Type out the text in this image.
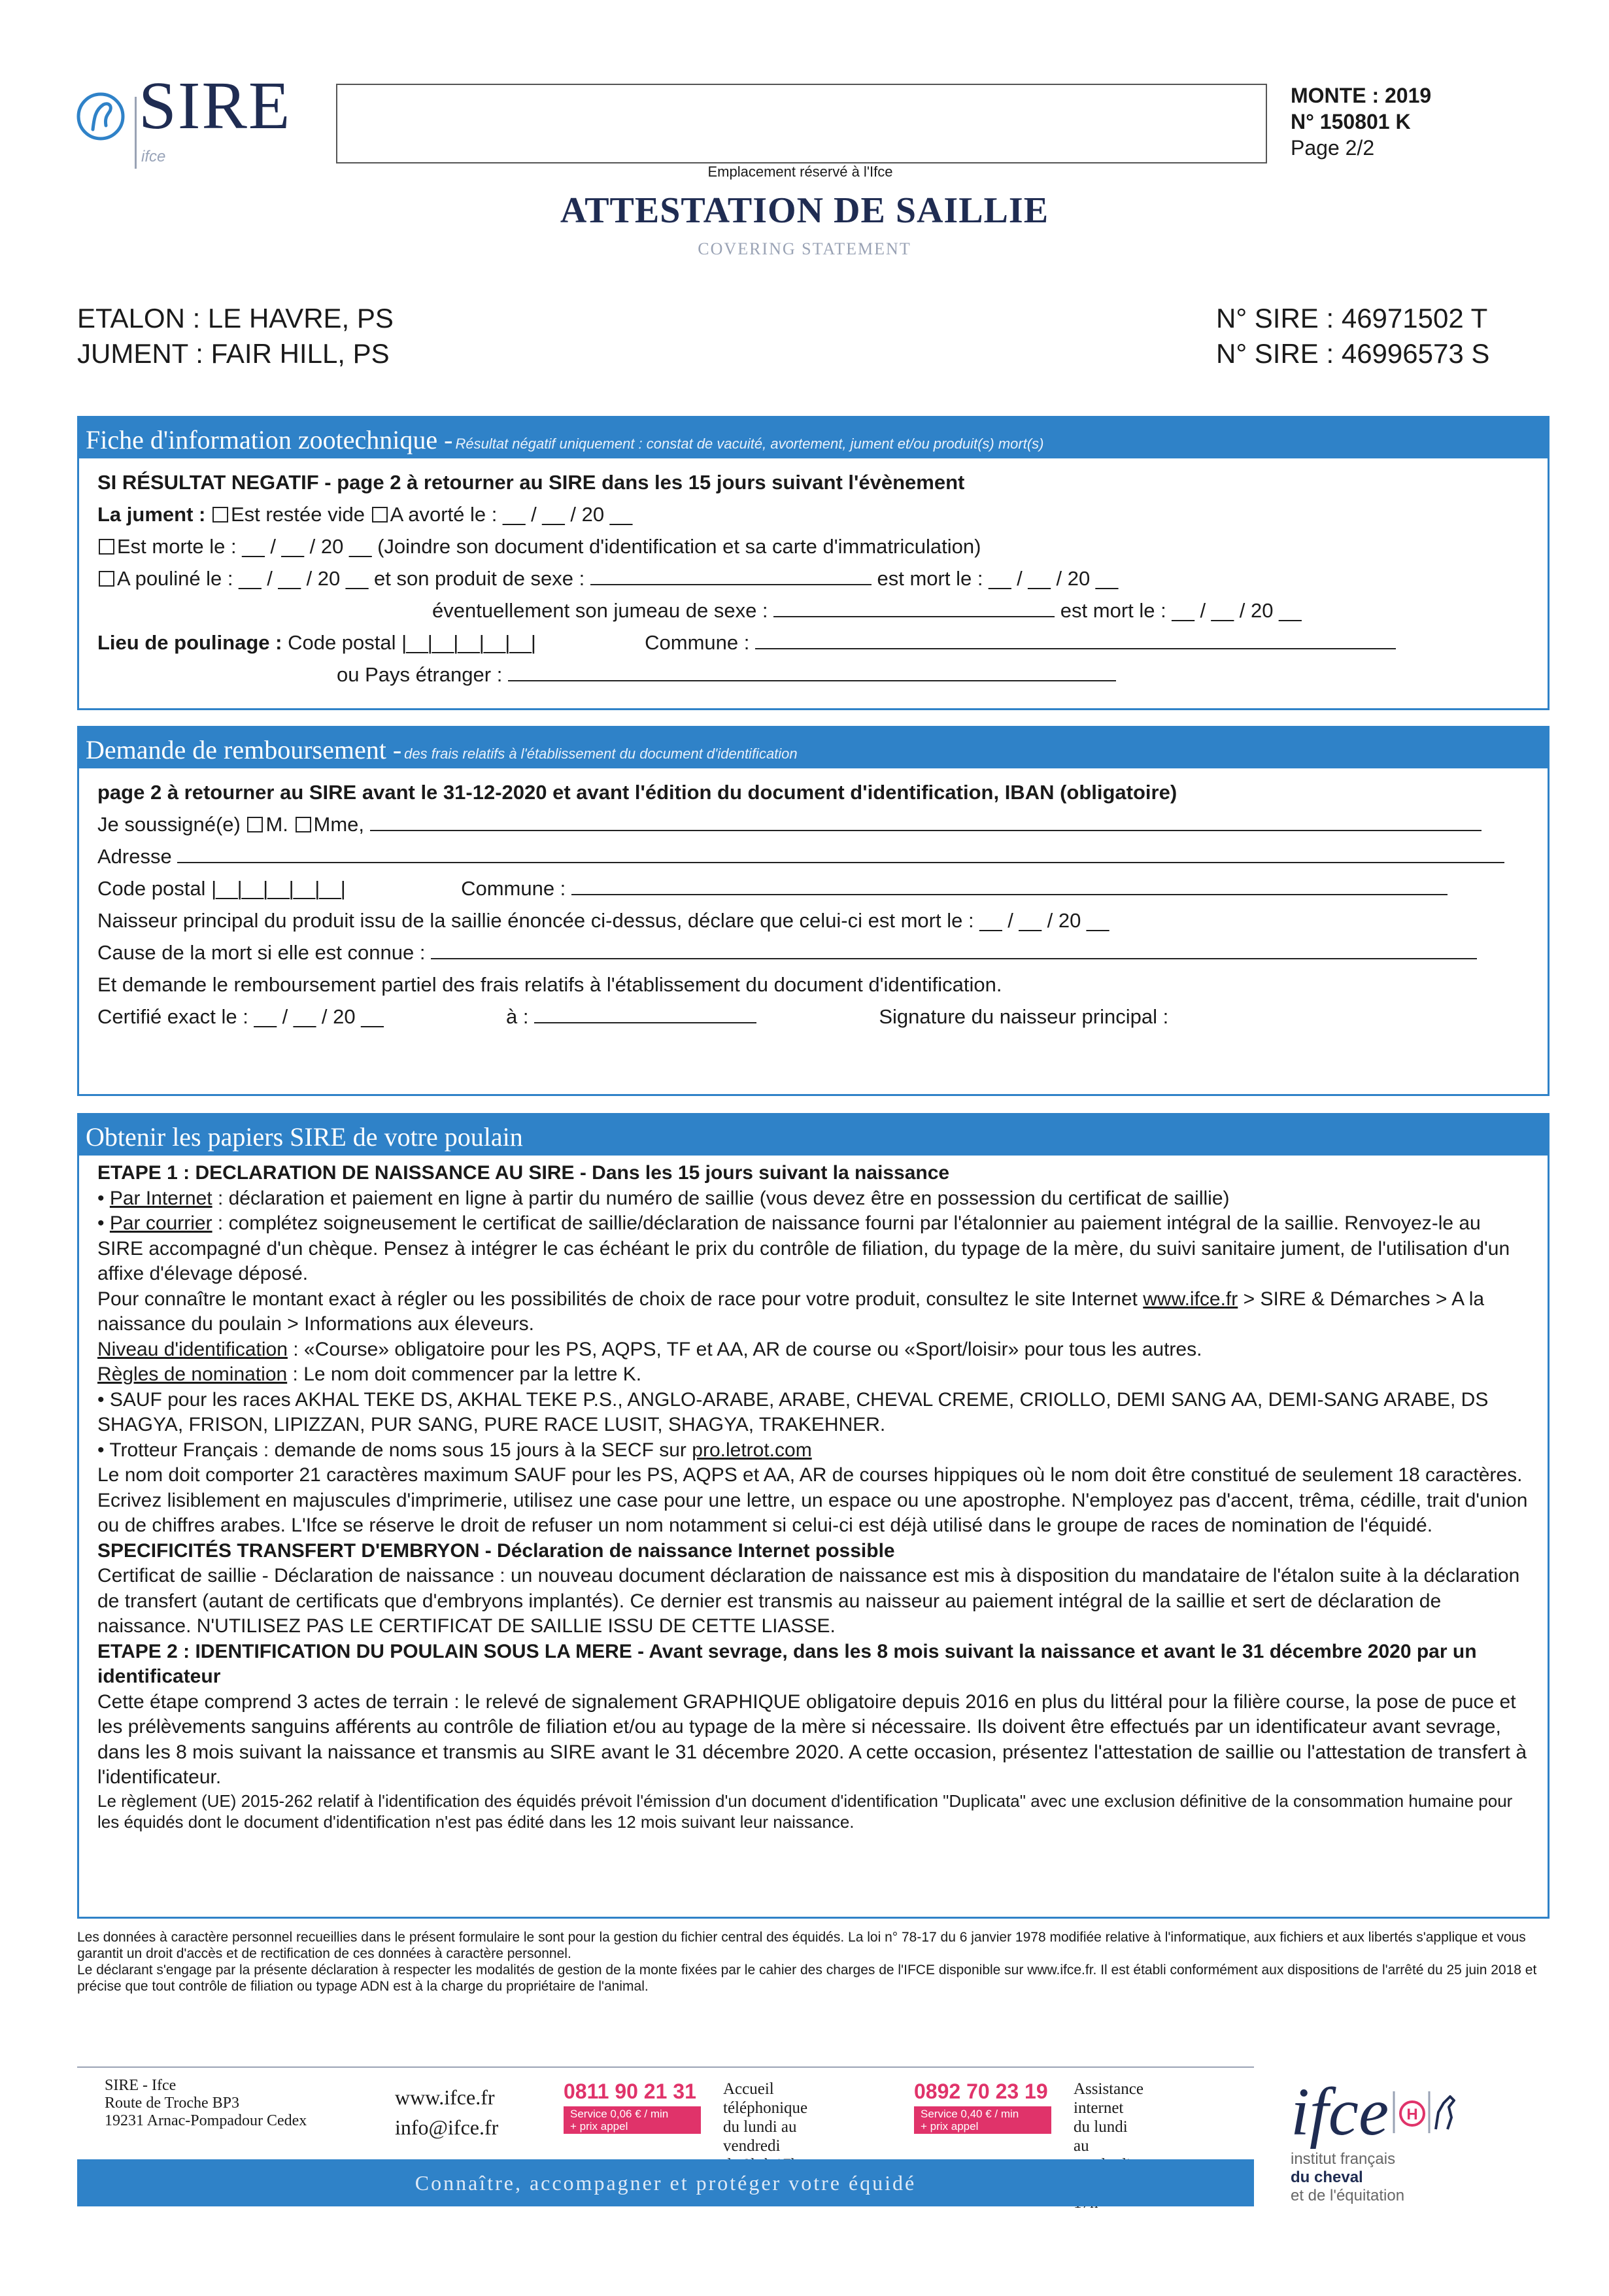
SIRE
ifce
Emplacement réservé à l'Ifce
MONTE : 2019
N° 150801 K
Page 2/2
ATTESTATION DE SAILLIE
COVERING STATEMENT
ETALON : LE HAVRE, PS
JUMENT : FAIR HILL, PS
N° SIRE : 46971502 T
N° SIRE : 46996573 S
Fiche d'information zootechnique - Résultat négatif uniquement : constat de vacuité, avortement, jument et/ou produit(s) mort(s)
SI RÉSULTAT NEGATIF - page 2 à retourner au SIRE dans les 15 jours suivant l'évènement
La jument : Est restée vide A avorté le : __ / __ / 20 __
Est morte le : __ / __ / 20 __ (Joindre son document d'identification et sa carte d'immatriculation)
A pouliné le : __ / __ / 20 __ et son produit de sexe :	est mort le : __ / __ / 20 __
éventuellement son jumeau de sexe :	est mort le : __ / __ / 20 __
Lieu de poulinage : Code postal |__|__|__|__|__|	Commune :
ou Pays étranger :
Demande de remboursement - des frais relatifs à l'établissement du document d'identification
page 2 à retourner au SIRE avant le 31-12-2020 et avant l'édition du document d'identification, IBAN (obligatoire)
Je soussigné(e) M. Mme,
Adresse
Code postal |__|__|__|__|__|	Commune :
Naisseur principal du produit issu de la saillie énoncée ci-dessus, déclare que celui-ci est mort le : __ / __ / 20 __
Cause de la mort si elle est connue :
Et demande le remboursement partiel des frais relatifs à l'établissement du document d'identification.
Certifié exact le : __ / __ / 20 __	à :	Signature du naisseur principal :
Obtenir les papiers SIRE de votre poulain
ETAPE 1 : DECLARATION DE NAISSANCE AU SIRE - Dans les 15 jours suivant la naissance
• Par Internet : déclaration et paiement en ligne à partir du numéro de saillie (vous devez être en possession du certificat de saillie)
• Par courrier : complétez soigneusement le certificat de saillie/déclaration de naissance fourni par l'étalonnier au paiement intégral de la saillie. Renvoyez-le au SIRE accompagné d'un chèque. Pensez à intégrer le cas échéant le prix du contrôle de filiation, du typage de la mère, du suivi sanitaire jument, de l'utilisation d'un affixe d'élevage déposé.
Pour connaître le montant exact à régler ou les possibilités de choix de race pour votre produit, consultez le site Internet www.ifce.fr > SIRE & Démarches > A la naissance du poulain > Informations aux éleveurs.
Niveau d'identification : «Course» obligatoire pour les PS, AQPS, TF et AA, AR de course ou «Sport/loisir» pour tous les autres.
Règles de nomination : Le nom doit commencer par la lettre K.
• SAUF pour les races AKHAL TEKE DS, AKHAL TEKE P.S., ANGLO-ARABE, ARABE, CHEVAL CREME, CRIOLLO, DEMI SANG AA, DEMI-SANG ARABE, DS SHAGYA, FRISON, LIPIZZAN, PUR SANG, PURE RACE LUSIT, SHAGYA, TRAKEHNER.
• Trotteur Français : demande de noms sous 15 jours à la SECF sur pro.letrot.com
Le nom doit comporter 21 caractères maximum SAUF pour les PS, AQPS et AA, AR de courses hippiques où le nom doit être constitué de seulement 18 caractères. Ecrivez lisiblement en majuscules d'imprimerie, utilisez une case pour une lettre, un espace ou une apostrophe. N'employez pas d'accent, trêma, cédille, trait d'union ou de chiffres arabes. L'Ifce se réserve le droit de refuser un nom notamment si celui-ci est déjà utilisé dans le groupe de races de nomination de l'équidé.
SPECIFICITÉS TRANSFERT D'EMBRYON - Déclaration de naissance Internet possible
Certificat de saillie - Déclaration de naissance : un nouveau document déclaration de naissance est mis à disposition du mandataire de l'étalon suite à la déclaration de transfert (autant de certificats que d'embryons implantés). Ce dernier est transmis au naisseur au paiement intégral de la saillie et sert de déclaration de naissance. N'UTILISEZ PAS LE CERTIFICAT DE SAILLIE ISSU DE CETTE LIASSE.
ETAPE 2 : IDENTIFICATION DU POULAIN SOUS LA MERE - Avant sevrage, dans les 8 mois suivant la naissance et avant le 31 décembre 2020 par un identificateur
Cette étape comprend 3 actes de terrain : le relevé de signalement GRAPHIQUE obligatoire depuis 2016 en plus du littéral pour la filière course, la pose de puce et les prélèvements sanguins afférents au contrôle de filiation et/ou au typage de la mère si nécessaire. Ils doivent être effectués par un identificateur avant sevrage, dans les 8 mois suivant la naissance et transmis au SIRE avant le 31 décembre 2020. A cette occasion, présentez l'attestation de saillie ou l'attestation de transfert à l'identificateur.
Le règlement (UE) 2015-262 relatif à l'identification des équidés prévoit l'émission d'un document d'identification "Duplicata" avec une exclusion définitive de la consommation humaine pour les équidés dont le document d'identification n'est pas édité dans les 12 mois suivant leur naissance.
Les données à caractère personnel recueillies dans le présent formulaire le sont pour la gestion du fichier central des équidés. La loi n° 78-17 du 6 janvier 1978 modifiée relative à l'informatique, aux fichiers et aux libertés s'applique et vous garantit un droit d'accès et de rectification de ces données à caractère personnel.
Le déclarant s'engage par la présente déclaration à respecter les modalités de gestion de la monte fixées par le cahier des charges de l'IFCE disponible sur www.ifce.fr. Il est établi conformément aux dispositions de l'arrêté du 25 juin 2018 et précise que tout contrôle de filiation ou typage ADN est à la charge du propriétaire de l'animal.
SIRE - Ifce
Route de Troche BP3
19231 Arnac-Pompadour Cedex
www.ifce.fr
info@ifce.fr
0811 90 21 31
Service 0,06 € / min
+ prix appel
Accueil téléphonique
du lundi au vendredi
0892 70 23 19
Service 0,40 € / min
+ prix appel
Assistance internet
du lundi au
Connaître, accompagner et protéger votre équidé
ifce H
institut français
du cheval
et de l'équitation
